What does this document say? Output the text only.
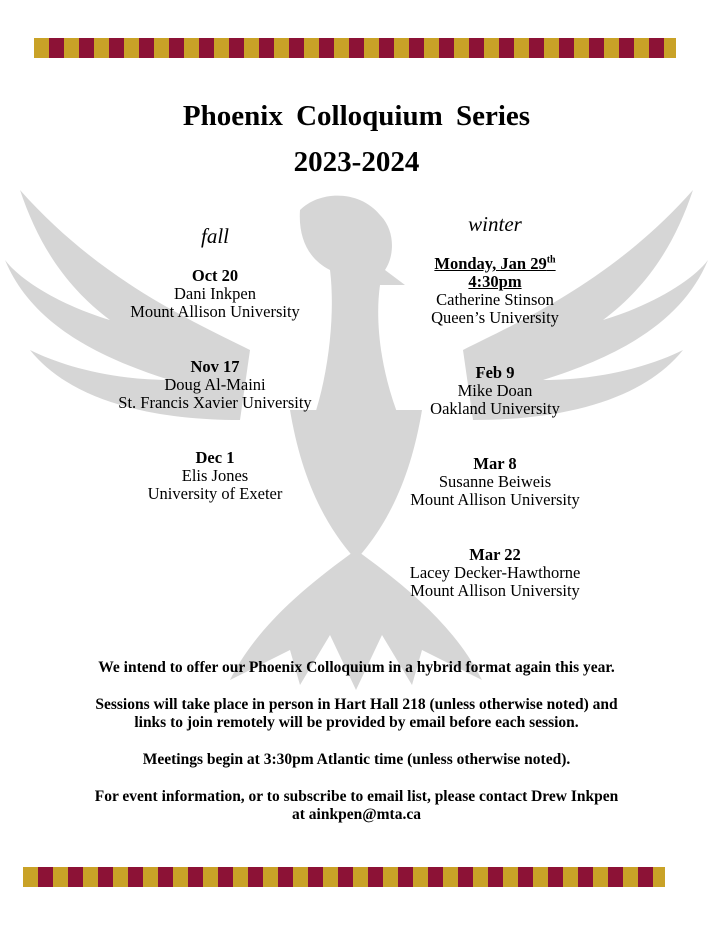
Phoenix Colloquium Series
2023-2024
fall
Oct 20
Dani Inkpen
Mount Allison University
Nov 17
Doug Al-Maini
St. Francis Xavier University
Dec 1
Elis Jones
University of Exeter
winter
Monday, Jan 29th
4:30pm
Catherine Stinson
Queen’s University
Feb 9
Mike Doan
Oakland University
Mar 8
Susanne Beiweis
Mount Allison University
Mar 22
Lacey Decker-Hawthorne
Mount Allison University

We intend to offer our Phoenix Colloquium in a hybrid format again this year.

Sessions will take place in person in Hart Hall 218 (unless otherwise noted) and links to join remotely will be provided by email before each session.

Meetings begin at 3:30pm Atlantic time (unless otherwise noted).

For event information, or to subscribe to email list, please contact Drew Inkpen at ainkpen@mta.ca
